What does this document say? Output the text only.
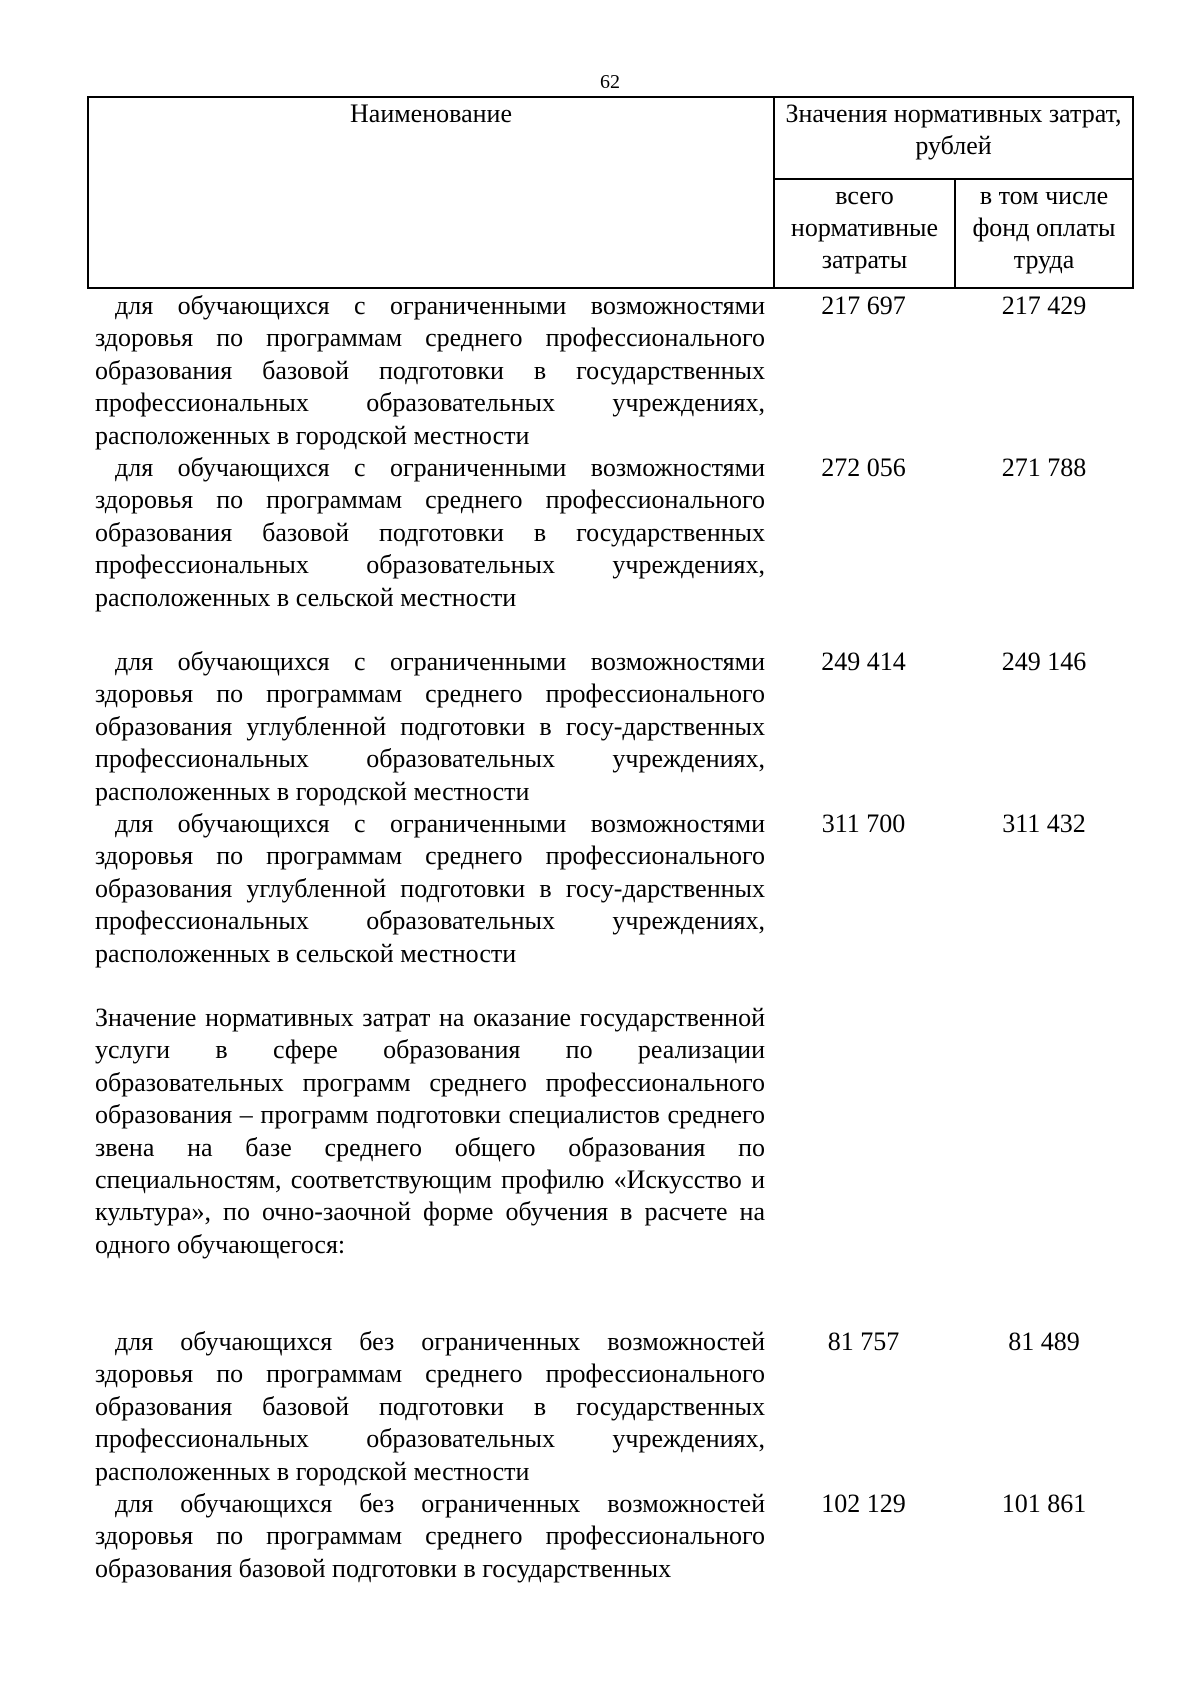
62
Наименование	Значения нормативных затрат, рублей
всего нормативные затраты
в том числе фонд оплаты труда
для обучающихся с ограниченными возможностями здоровья по программам среднего профессионального образования базовой подготовки в государственных профессиональных образовательных учреждениях, расположенных в городской местности
217 697	217 429
для обучающихся с ограниченными возможностями здоровья по программам среднего профессионального образования базовой подготовки в государственных профессиональных образовательных учреждениях, расположенных в сельской местности
272 056	271 788
для обучающихся с ограниченными возможностями здоровья по программам среднего профессионального образования углубленной подготовки в госу-дарственных профессиональных образовательных учреждениях, расположенных в городской местности
249 414	249 146
для обучающихся с ограниченными возможностями здоровья по программам среднего профессионального образования углубленной подготовки в госу-дарственных профессиональных образовательных учреждениях, расположенных в сельской местности
311 700	311 432
Значение нормативных затрат на оказание государственной услуги в сфере образования по реализации образовательных программ среднего профессионального образования – программ подготовки специалистов среднего звена на базе среднего общего образования по специальностям, соответствующим профилю «Искусство и культура», по очно-заочной форме обучения в расчете на одного обучающегося:
для обучающихся без ограниченных возможностей здоровья по программам среднего профессионального образования базовой подготовки в государственных профессиональных образовательных учреждениях, расположенных в городской местности
81 757	81 489
для обучающихся без ограниченных возможностей здоровья по программам среднего профессионального образования базовой подготовки в государственных
102 129	101 861
